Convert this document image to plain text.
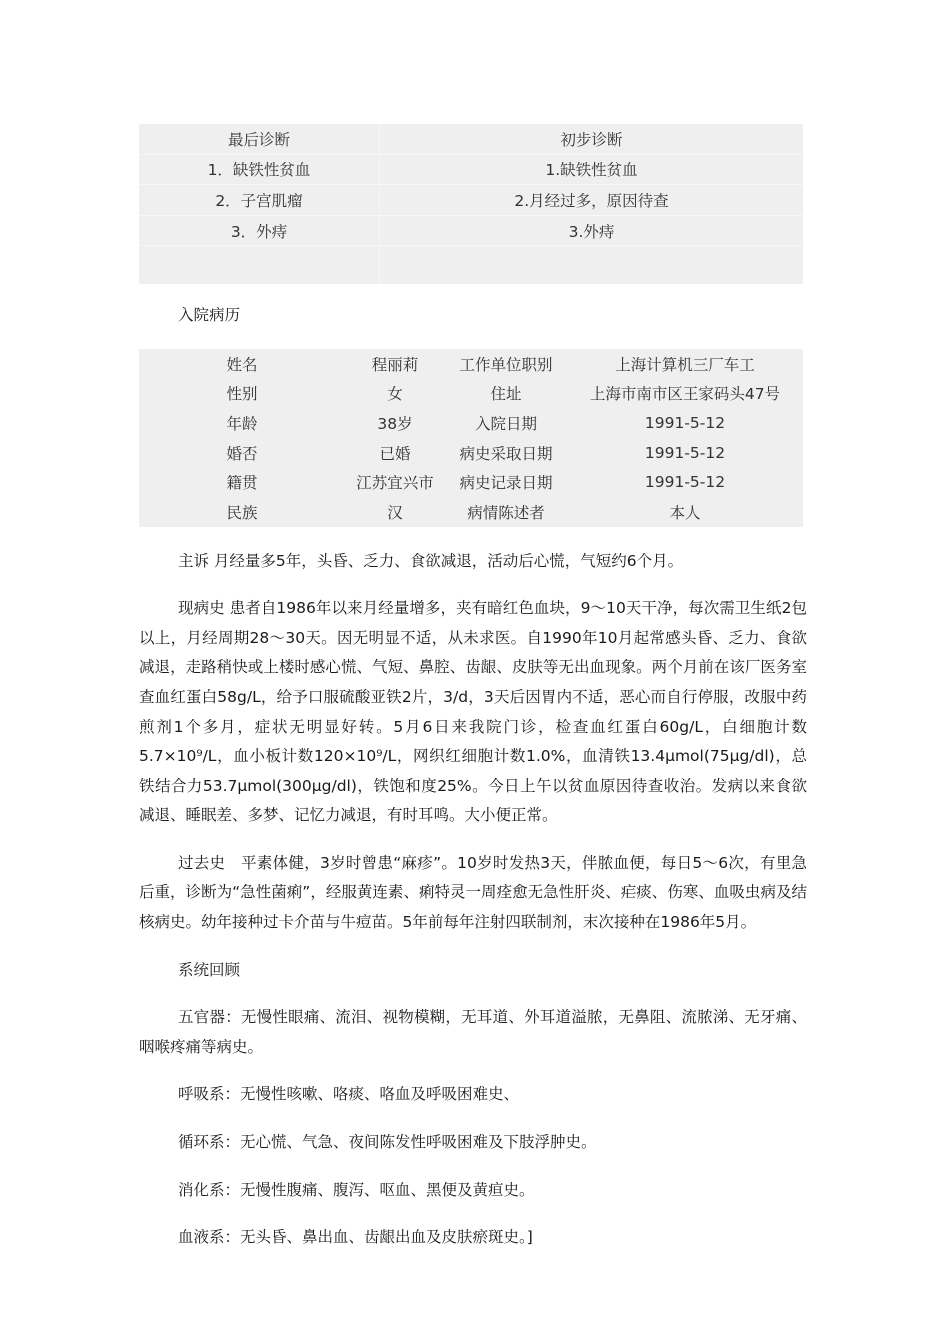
最后诊断	初步诊断
1．缺铁性贫血	1.缺铁性贫血
2．子宫肌瘤	2.月经过多，原因待查
3．外痔	3.外痔

入院病历
姓名	程丽莉	工作单位职别	上海计算机三厂车工
性别	女	住址	上海市南市区王家码头47号
年龄	38岁	入院日期	1991-5-12
婚否	已婚	病史采取日期	1991-5-12
籍贯	江苏宜兴市	病史记录日期	1991-5-12
民族	汉	病情陈述者	本人

主诉 月经量多5年，头昏、乏力、食欲减退，活动后心慌，气短约6个月。

现病史 患者自1986年以来月经量增多，夹有暗红色血块，9～10天干净，每次需卫生纸2包以上，月经周期28～30天。因无明显不适，从未求医。自1990年10月起常感头昏、乏力、食欲减退，走路稍快或上楼时感心慌、气短、鼻腔、齿龈、皮肤等无出血现象。两个月前在该厂医务室查血红蛋白58g/L，给予口服硫酸亚铁2片，3/d，3天后因胃内不适，恶心而自行停服，改服中药煎剂1个多月，症状无明显好转。5月6日来我院门诊，检查血红蛋白60g/L，白细胞计数5.7×10⁹/L，血小板计数120×10⁹/L，网织红细胞计数1.0%，血清铁13.4μmol(75μg/dl)，总铁结合力53.7μmol(300μg/dl)，铁饱和度25%。今日上午以贫血原因待查收治。发病以来食欲减退、睡眠差、多梦、记忆力减退，有时耳鸣。大小便正常。

过去史　平素体健，3岁时曾患“麻疹”。10岁时发热3天，伴脓血便，每日5～6次，有里急后重，诊断为“急性菌痢”，经服黄连素、痢特灵一周痊愈无急性肝炎、疟痰、伤寒、血吸虫病及结核病史。幼年接种过卡介苗与牛痘苗。5年前每年注射四联制剂，末次接种在1986年5月。

系统回顾

五官器：无慢性眼痛、流泪、视物模糊，无耳道、外耳道溢脓，无鼻阻、流脓涕、无牙痛、咽喉疼痛等病史。

呼吸系：无慢性咳嗽、咯痰、咯血及呼吸困难史、

循环系：无心慌、气急、夜间陈发性呼吸困难及下肢浮肿史。

消化系：无慢性腹痛、腹泻、呕血、黑便及黄疸史。

血液系：无头昏、鼻出血、齿龈出血及皮肤瘀斑史。]
